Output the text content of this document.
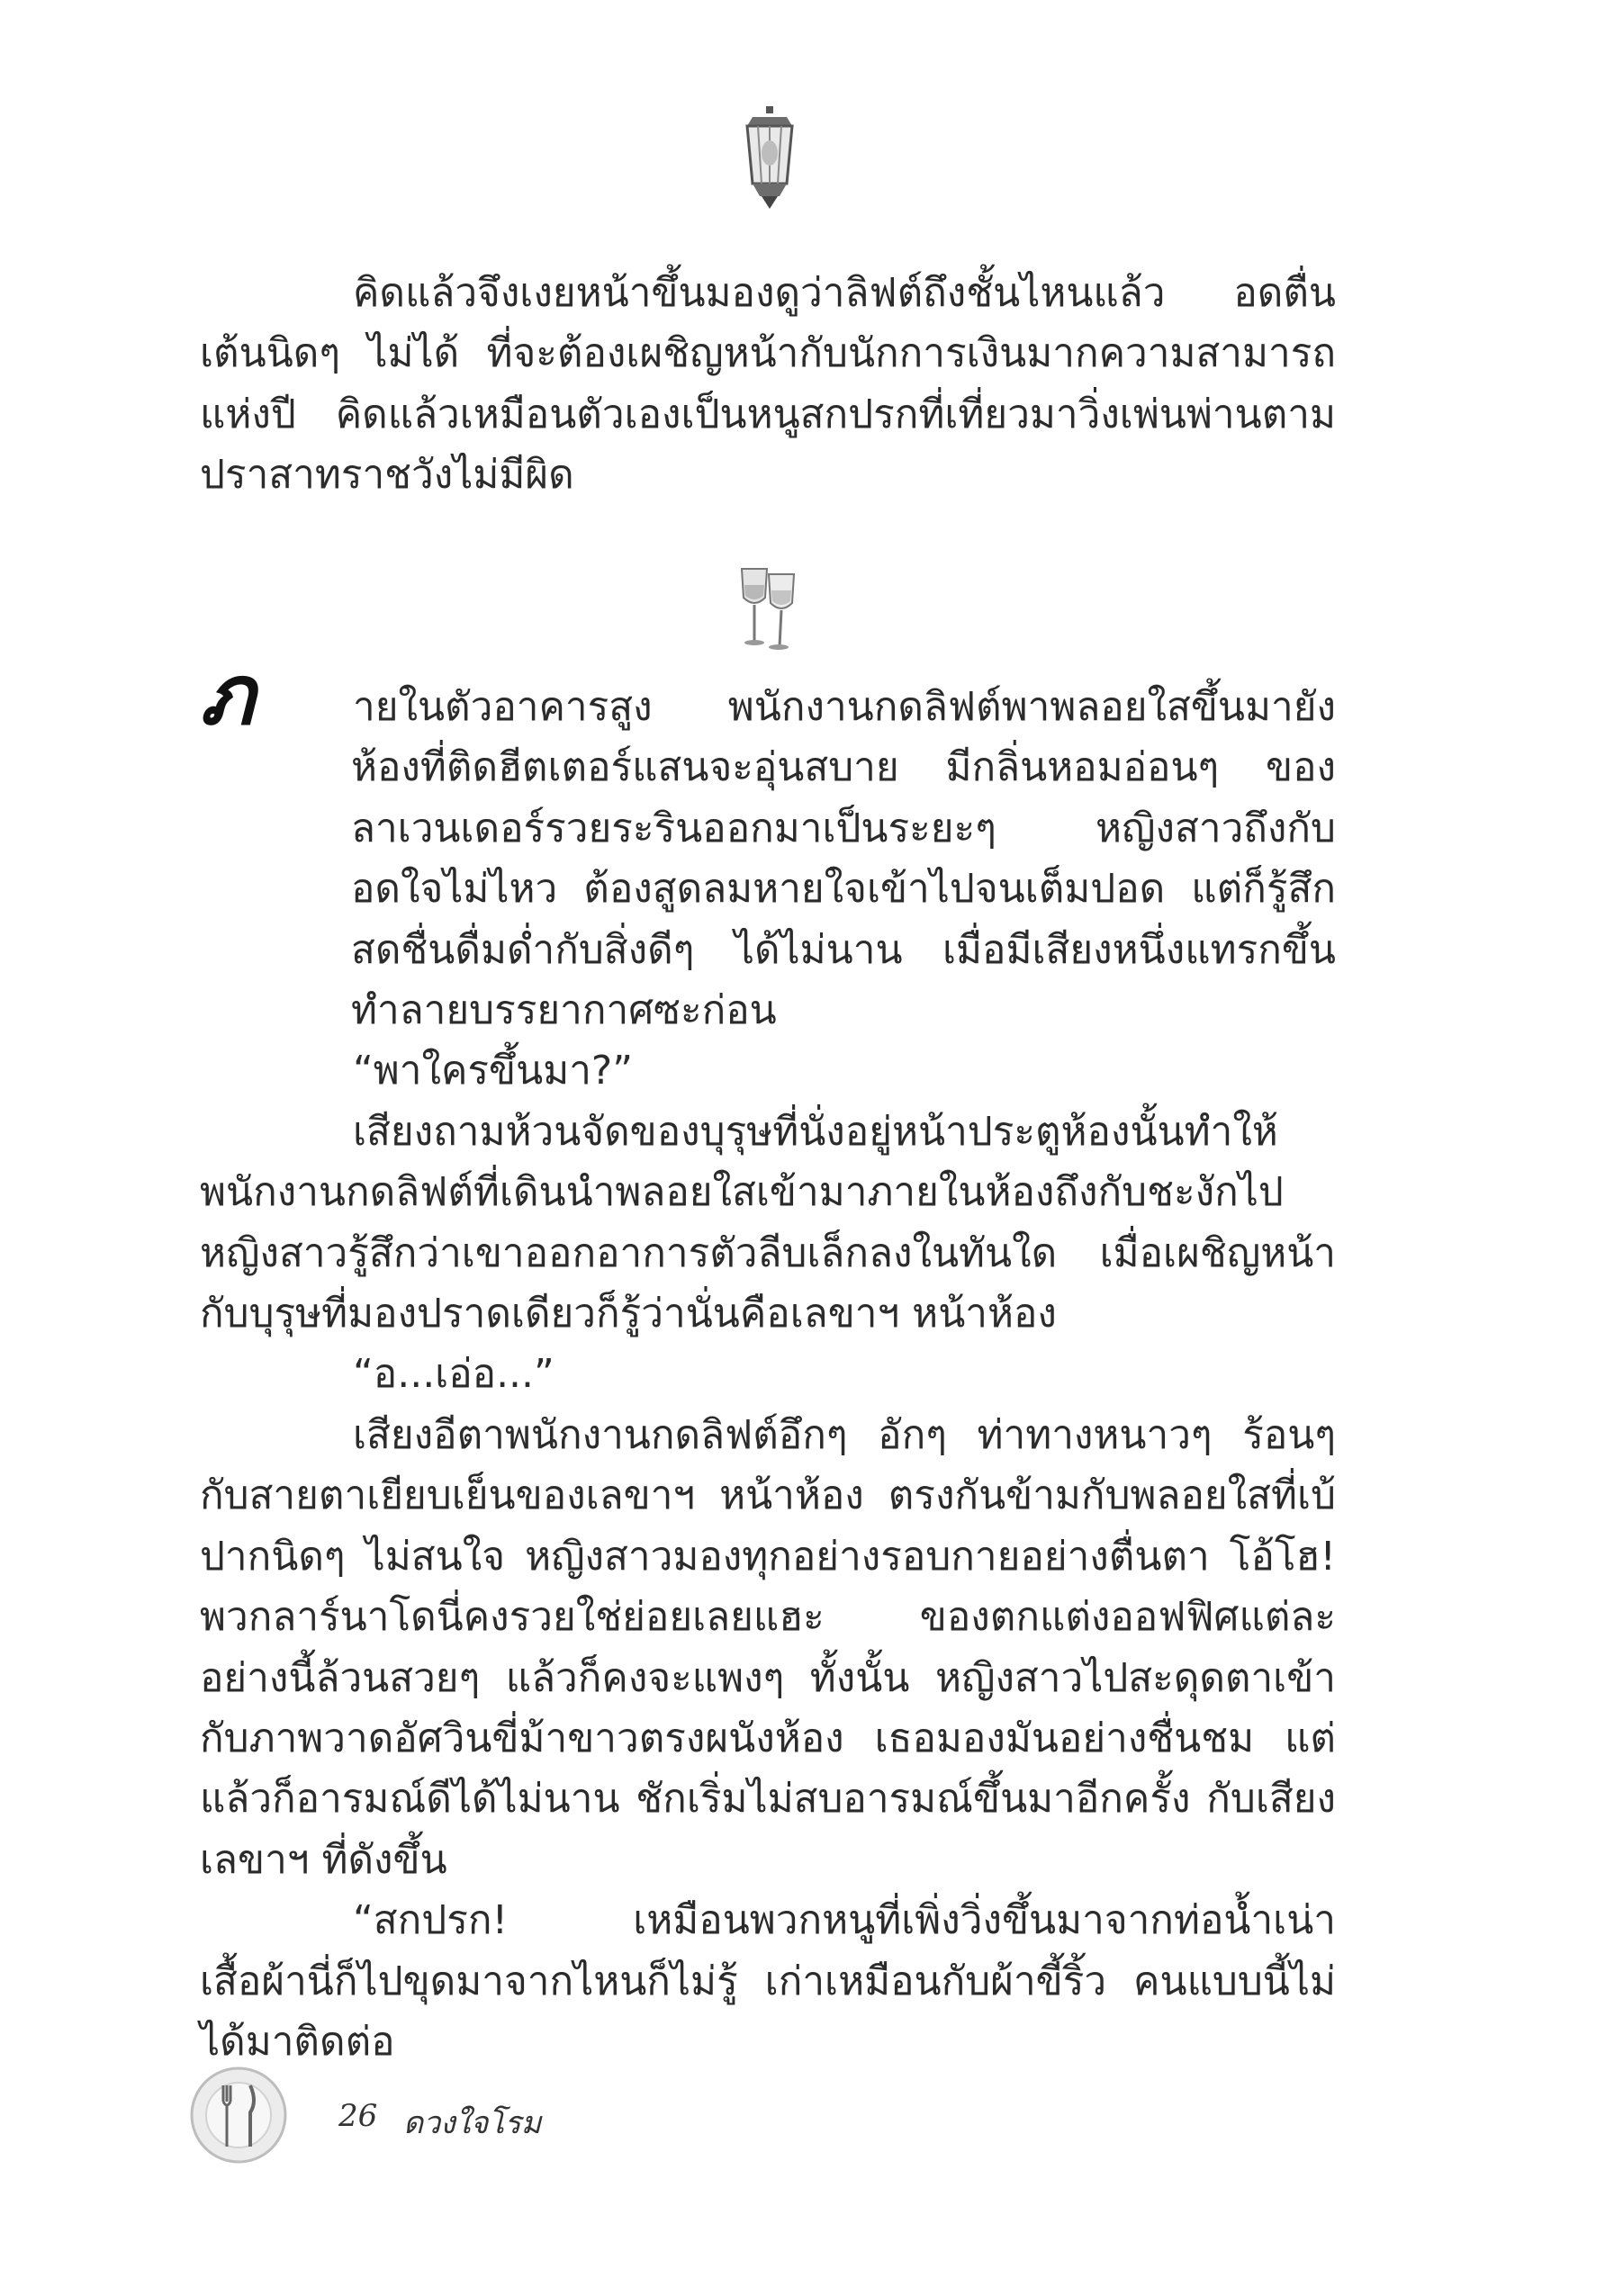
คิดแล้วจึงเงยหน้าขึ้นมองดูว่าลิฟต์ถึงชั้นไหนแล้ว อดตื่นเต้นนิดๆ ไม่ได้ ที่จะต้องเผชิญหน้ากับนักการเงินมากความสามารถแห่งปี คิดแล้วเหมือนตัวเองเป็นหนูสกปรกที่เที่ยวมาวิ่งเพ่นพ่านตามปราสาทราชวังไม่มีผิด

ภ ายในตัวอาคารสูง พนักงานกดลิฟต์พาพลอยใสขึ้นมายังห้องที่ติดฮีตเตอร์แสนจะอุ่นสบาย มีกลิ่นหอมอ่อนๆ ของลาเวนเดอร์รวยระรินออกมาเป็นระยะๆ หญิงสาวถึงกับอดใจไม่ไหว ต้องสูดลมหายใจเข้าไปจนเต็มปอด แต่ก็รู้สึกสดชื่นดื่มด่ำกับสิ่งดีๆ ได้ไม่นาน เมื่อมีเสียงหนึ่งแทรกขึ้นทำลายบรรยากาศซะก่อน

“พาใครขึ้นมา?”

เสียงถามห้วนจัดของบุรุษที่นั่งอยู่หน้าประตูห้องนั้นทำให้พนักงานกดลิฟต์ที่เดินนำพลอยใสเข้ามาภายในห้องถึงกับชะงักไป หญิงสาวรู้สึกว่าเขาออกอาการตัวลีบเล็กลงในทันใด เมื่อเผชิญหน้ากับบุรุษที่มองปราดเดียวก็รู้ว่านั่นคือเลขาฯ หน้าห้อง

“อ...เอ่อ...”

เสียงอีตาพนักงานกดลิฟต์อึกๆ อักๆ ท่าทางหนาวๆ ร้อนๆ กับสายตาเยียบเย็นของเลขาฯ หน้าห้อง ตรงกันข้ามกับพลอยใสที่เบ้ปากนิดๆ ไม่สนใจ หญิงสาวมองทุกอย่างรอบกายอย่างตื่นตา โอ้โฮ! พวกลาร์นาโดนี่คงรวยใช่ย่อยเลยแฮะ ของตกแต่งออฟฟิศแต่ละอย่างนี้ล้วนสวยๆ แล้วก็คงจะแพงๆ ทั้งนั้น หญิงสาวไปสะดุดตาเข้ากับภาพวาดอัศวินขี่ม้าขาวตรงผนังห้อง เธอมองมันอย่างชื่นชม แต่แล้วก็อารมณ์ดีได้ไม่นาน ชักเริ่มไม่สบอารมณ์ขึ้นมาอีกครั้ง กับเสียงเลขาฯ ที่ดังขึ้น

“สกปรก! เหมือนพวกหนูที่เพิ่งวิ่งขึ้นมาจากท่อน้ำเน่า เสื้อผ้านี่ก็ไปขุดมาจากไหนก็ไม่รู้ เก่าเหมือนกับผ้าขี้ริ้ว คนแบบนี้ไม่ได้มาติดต่อ

26 ดวงใจโรม
